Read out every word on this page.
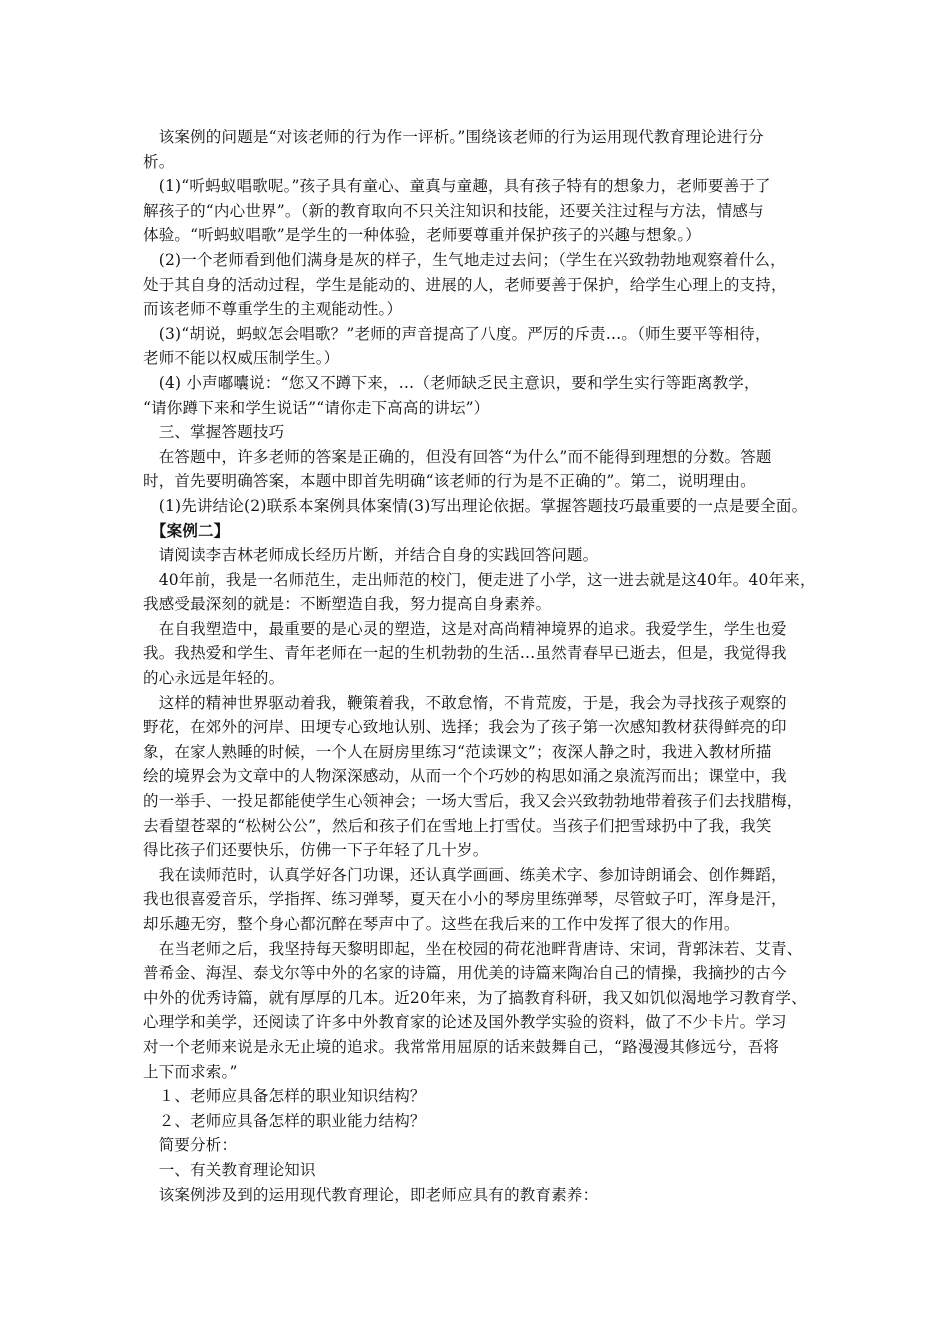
　该案例的问题是“对该老师的行为作一评析。”围绕该老师的行为运用现代教育理论进行分
析。
　(1)“听蚂蚁唱歌呢。”孩子具有童心、童真与童趣，具有孩子特有的想象力，老师要善于了
解孩子的“内心世界”。（新的教育取向不只关注知识和技能，还要关注过程与方法，情感与
体验。“听蚂蚁唱歌”是学生的一种体验，老师要尊重并保护孩子的兴趣与想象。）
　(2)一个老师看到他们满身是灰的样子，生气地走过去问；（学生在兴致勃勃地观察着什么，
处于其自身的活动过程，学生是能动的、进展的人，老师要善于保护，给学生心理上的支持，
而该老师不尊重学生的主观能动性。）
　(3)“胡说，蚂蚁怎会唱歌？”老师的声音提高了八度。严厉的斥责…。（师生要平等相待，
老师不能以权威压制学生。）
　(4) 小声嘟囔说：“您又不蹲下来，…（老师缺乏民主意识，要和学生实行等距离教学，
“请你蹲下来和学生说话”“请你走下高高的讲坛”）
　三、掌握答题技巧
　在答题中，许多老师的答案是正确的，但没有回答“为什么”而不能得到理想的分数。答题
时，首先要明确答案，本题中即首先明确“该老师的行为是不正确的”。第二，说明理由。
　(1)先讲结论(2)联系本案例具体案情(3)写出理论依据。掌握答题技巧最重要的一点是要全面。
　【案例二】
　请阅读李吉林老师成长经历片断，并结合自身的实践回答问题。
　40年前，我是一名师范生，走出师范的校门，便走进了小学，这一进去就是这40年。40年来，
我感受最深刻的就是：不断塑造自我，努力提高自身素养。
　在自我塑造中，最重要的是心灵的塑造，这是对高尚精神境界的追求。我爱学生，学生也爱
我。我热爱和学生、青年老师在一起的生机勃勃的生活…虽然青春早已逝去，但是，我觉得我
的心永远是年轻的。
　这样的精神世界驱动着我，鞭策着我，不敢怠惰，不肯荒废，于是，我会为寻找孩子观察的
野花，在郊外的河岸、田埂专心致地认别、选择；我会为了孩子第一次感知教材获得鲜亮的印
象，在家人熟睡的时候，一个人在厨房里练习“范读课文”；夜深人静之时，我进入教材所描
绘的境界会为文章中的人物深深感动，从而一个个巧妙的构思如涌之泉流泻而出；课堂中，我
的一举手、一投足都能使学生心领神会；一场大雪后，我又会兴致勃勃地带着孩子们去找腊梅，
去看望苍翠的“松树公公”，然后和孩子们在雪地上打雪仗。当孩子们把雪球扔中了我，我笑
得比孩子们还要快乐，仿佛一下子年轻了几十岁。
　我在读师范时，认真学好各门功课，还认真学画画、练美术字、参加诗朗诵会、创作舞蹈，
我也很喜爱音乐，学指挥、练习弹琴，夏天在小小的琴房里练弹琴，尽管蚊子叮，浑身是汗，
却乐趣无穷，整个身心都沉醉在琴声中了。这些在我后来的工作中发挥了很大的作用。
　在当老师之后，我坚持每天黎明即起，坐在校园的荷花池畔背唐诗、宋词，背郭沫若、艾青、
普希金、海涅、泰戈尔等中外的名家的诗篇，用优美的诗篇来陶冶自己的情操，我摘抄的古今
中外的优秀诗篇，就有厚厚的几本。近20年来，为了搞教育科研，我又如饥似渴地学习教育学、
心理学和美学，还阅读了许多中外教育家的论述及国外教学实验的资料，做了不少卡片。学习
对一个老师来说是永无止境的追求。我常常用屈原的话来鼓舞自己，“路漫漫其修远兮，吾将
上下而求索。”
　１、老师应具备怎样的职业知识结构？
　２、老师应具备怎样的职业能力结构？
　简要分析：
　一、有关教育理论知识
　该案例涉及到的运用现代教育理论，即老师应具有的教育素养：
